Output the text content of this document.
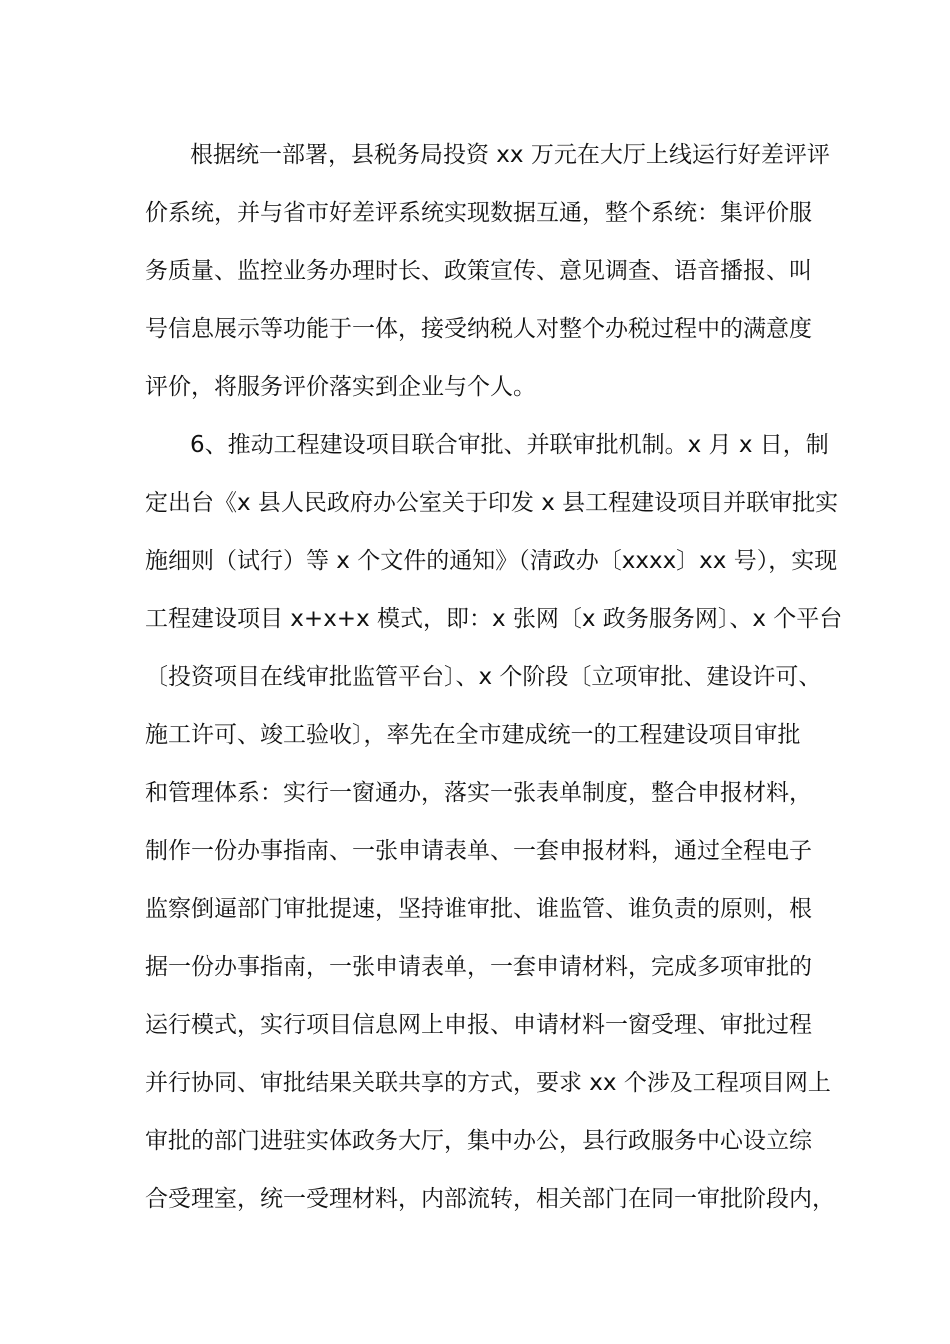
根据统一部署，县税务局投资 xx 万元在大厅上线运行好差评评
价系统，并与省市好差评系统实现数据互通，整个系统：集评价服
务质量、监控业务办理时长、政策宣传、意见调查、语音播报、叫
号信息展示等功能于一体，接受纳税人对整个办税过程中的满意度
评价，将服务评价落实到企业与个人。
6、推动工程建设项目联合审批、并联审批机制。x 月 x 日，制
定出台《x 县人民政府办公室关于印发 x 县工程建设项目并联审批实
施细则（试行）等 x 个文件的通知》（清政办〔xxxx〕xx 号），实现
工程建设项目 x+x+x 模式，即：x 张网〔x 政务服务网〕、x 个平台
〔投资项目在线审批监管平台〕、x 个阶段〔立项审批、建设许可、
施工许可、竣工验收〕，率先在全市建成统一的工程建设项目审批
和管理体系：实行一窗通办，落实一张表单制度，整合申报材料，
制作一份办事指南、一张申请表单、一套申报材料，通过全程电子
监察倒逼部门审批提速，坚持谁审批、谁监管、谁负责的原则，根
据一份办事指南，一张申请表单，一套申请材料，完成多项审批的
运行模式，实行项目信息网上申报、申请材料一窗受理、审批过程
并行协同、审批结果关联共享的方式，要求 xx 个涉及工程项目网上
审批的部门进驻实体政务大厅，集中办公，县行政服务中心设立综
合受理室，统一受理材料，内部流转，相关部门在同一审批阶段内，
